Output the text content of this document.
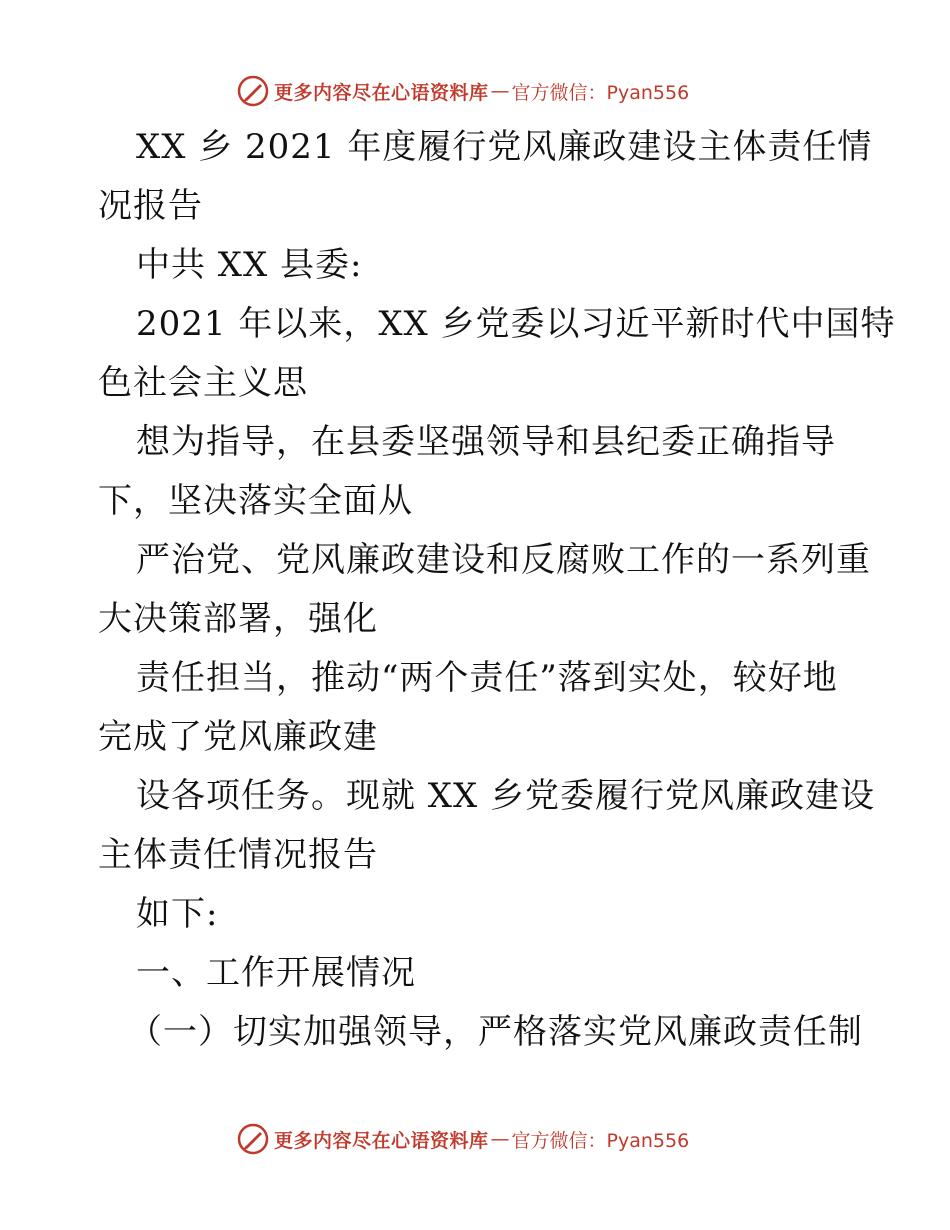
更多内容尽在心语资料库 — 官方微信：Pyan556
XX 乡 2021 年度履行党风廉政建设主体责任情
况报告
中共 XX 县委:
2021 年以来，XX 乡党委以习近平新时代中国特
色社会主义思
想为指导，在县委坚强领导和县纪委正确指导
下，坚决落实全面从
严治党、党风廉政建设和反腐败工作的一系列重
大决策部署，强化
责任担当，推动“两个责任”落到实处，较好地
完成了党风廉政建
设各项任务。现就 XX 乡党委履行党风廉政建设
主体责任情况报告
如下:
一、工作开展情况
（一）切实加强领导，严格落实党风廉政责任制
更多内容尽在心语资料库 — 官方微信：Pyan556
